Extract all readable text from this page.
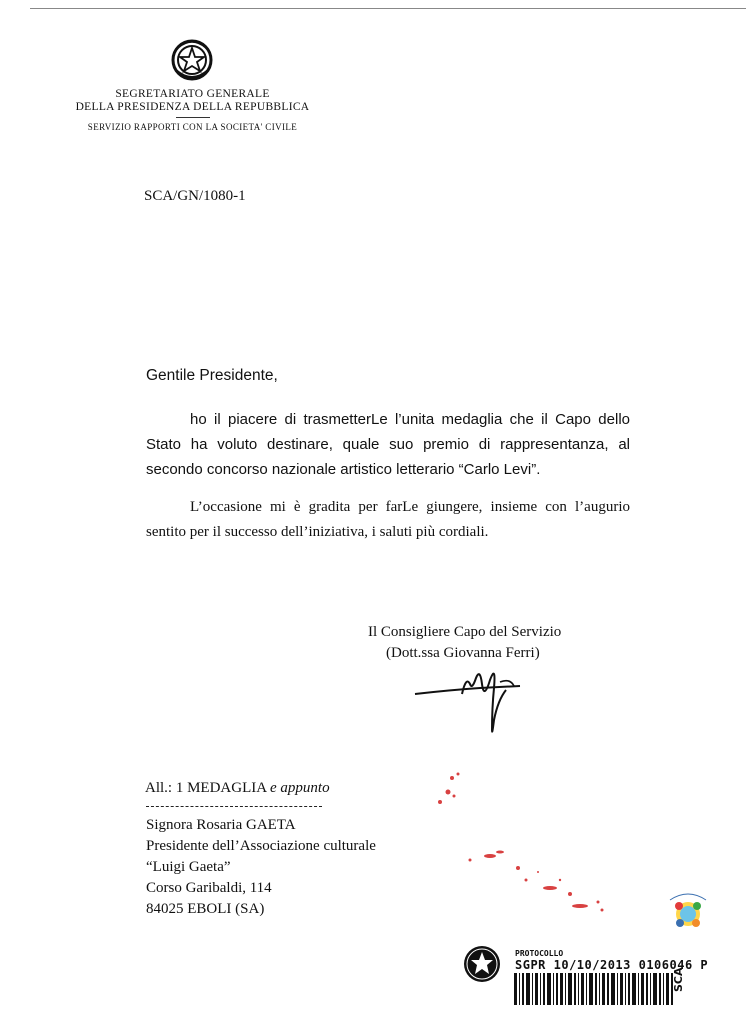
SEGRETARIATO GENERALE
DELLA PRESIDENZA DELLA REPUBBLICA
SERVIZIO RAPPORTI CON LA SOCIETA' CIVILE
SCA/GN/1080-1
Gentile Presidente,
ho il piacere di trasmetterLe l’unita medaglia che il Capo dello Stato ha voluto destinare, quale suo premio di rappresentanza, al secondo concorso nazionale artistico letterario “Carlo Levi”.
L’occasione mi è gradita per farLe giungere, insieme con l’augurio sentito per il successo dell’iniziativa, i saluti più cordiali.
Il Consigliere Capo del Servizio
(Dott.ssa Giovanna Ferri)
All.: 1 MEDAGLIA e appunto
Signora Rosaria GAETA
Presidente dell’Associazione culturale
“Luigi Gaeta”
Corso Garibaldi, 114
84025 EBOLI (SA)
PROTOCOLLO
SGPR 10/10/2013 0106046 P
SCA
